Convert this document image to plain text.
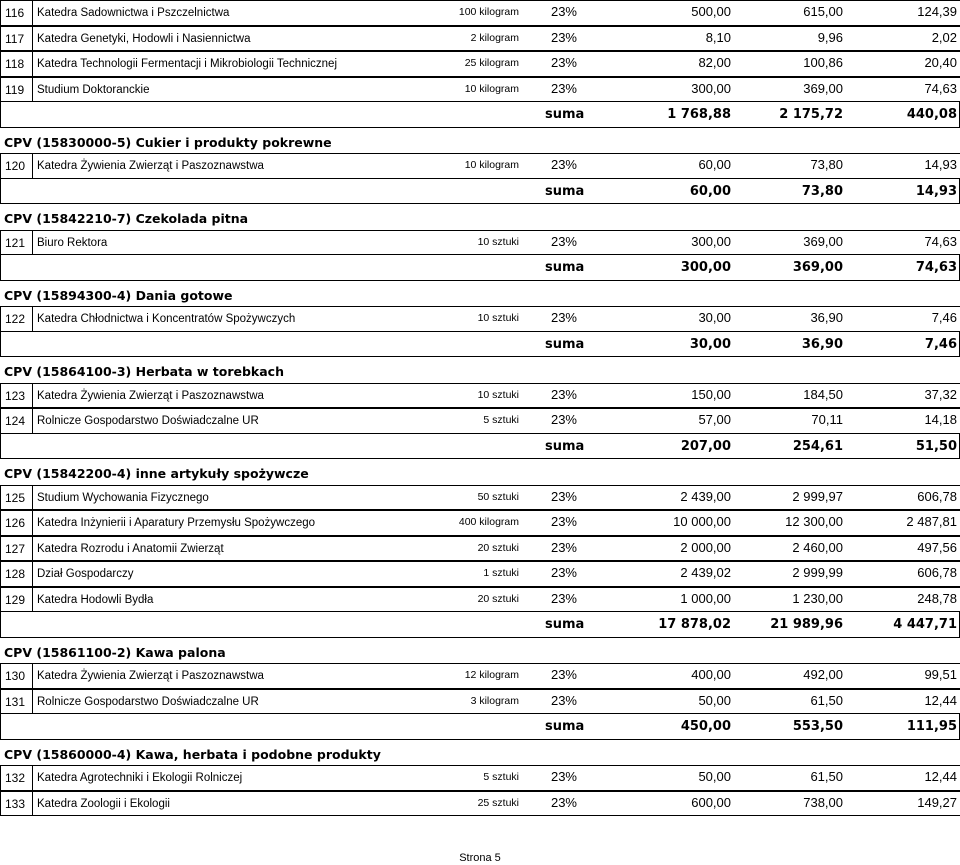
116	Katedra Sadownictwa i Pszczelnictwa	100 kilogram	23%	500,00	615,00	124,39
117	Katedra Genetyki, Hodowli i Nasiennictwa	2 kilogram	23%	8,10	9,96	2,02
118	Katedra Technologii Fermentacji i Mikrobiologii Technicznej	25 kilogram	23%	82,00	100,86	20,40
119	Studium Doktoranckie	10 kilogram	23%	300,00	369,00	74,63
suma	1 768,88	2 175,72	440,08
CPV (15830000-5) Cukier i produkty pokrewne
120	Katedra Żywienia Zwierząt i Paszoznawstwa	10 kilogram	23%	60,00	73,80	14,93
suma	60,00	73,80	14,93
CPV (15842210-7) Czekolada pitna
121	Biuro Rektora	10 sztuki	23%	300,00	369,00	74,63
suma	300,00	369,00	74,63
CPV (15894300-4) Dania gotowe
122	Katedra Chłodnictwa i Koncentratów Spożywczych	10 sztuki	23%	30,00	36,90	7,46
suma	30,00	36,90	7,46
CPV (15864100-3) Herbata w torebkach
123	Katedra Żywienia Zwierząt i Paszoznawstwa	10 sztuki	23%	150,00	184,50	37,32
124	Rolnicze Gospodarstwo Doświadczalne UR	5 sztuki	23%	57,00	70,11	14,18
suma	207,00	254,61	51,50
CPV (15842200-4) inne artykuły spożywcze
125	Studium Wychowania Fizycznego	50 sztuki	23%	2 439,00	2 999,97	606,78
126	Katedra Inżynierii i Aparatury Przemysłu Spożywczego	400 kilogram	23%	10 000,00	12 300,00	2 487,81
127	Katedra Rozrodu i Anatomii Zwierząt	20 sztuki	23%	2 000,00	2 460,00	497,56
128	Dział Gospodarczy	1 sztuki	23%	2 439,02	2 999,99	606,78
129	Katedra Hodowli Bydła	20 sztuki	23%	1 000,00	1 230,00	248,78
suma	17 878,02	21 989,96	4 447,71
CPV (15861100-2) Kawa palona
130	Katedra Żywienia Zwierząt i Paszoznawstwa	12 kilogram	23%	400,00	492,00	99,51
131	Rolnicze Gospodarstwo Doświadczalne UR	3 kilogram	23%	50,00	61,50	12,44
suma	450,00	553,50	111,95
CPV (15860000-4) Kawa, herbata i podobne produkty
132	Katedra Agrotechniki i Ekologii Rolniczej	5 sztuki	23%	50,00	61,50	12,44
133	Katedra Zoologii i Ekologii	25 sztuki	23%	600,00	738,00	149,27
Strona 5
